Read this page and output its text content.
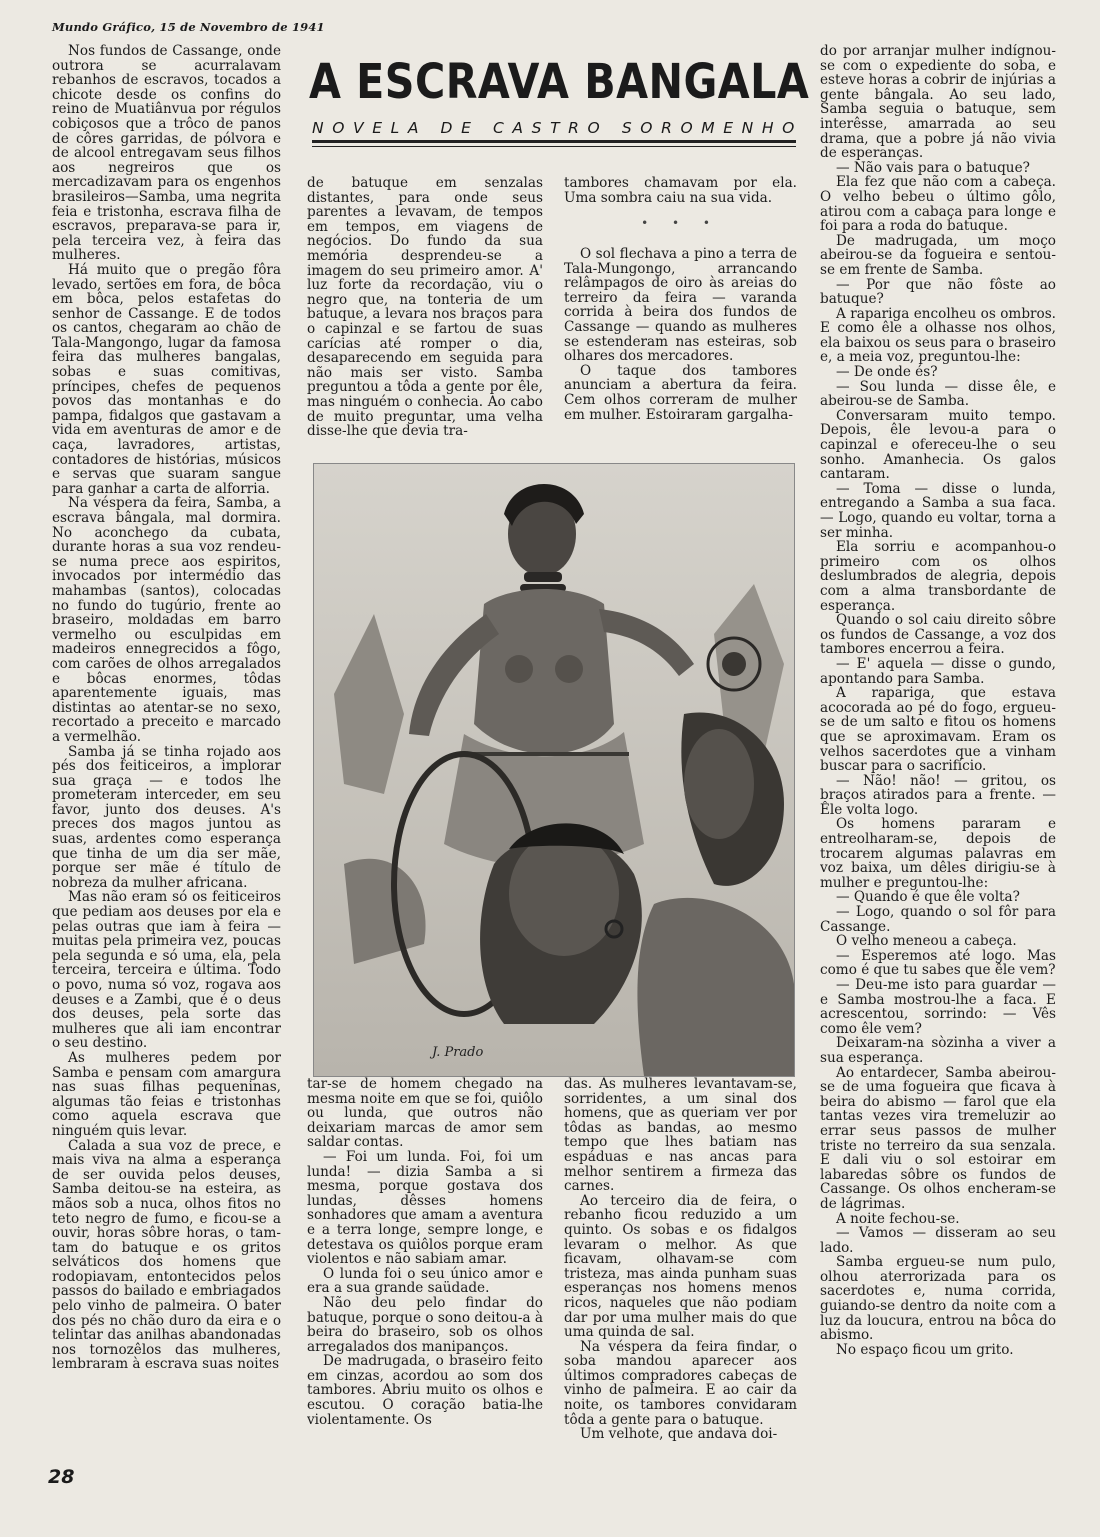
Mundo Gráfico, 15 de Novembro de 1941
A ESCRAVA BANGALA
NOVELA DE CASTRO SOROMENHO

Nos fundos de Cassange, onde outrora se acurralavam rebanhos de escravos, tocados a chicote desde os confins do reino de Muatiânvua por régulos cobiçosos que a trôco de panos de côres garridas, de pólvora e de alcool entregavam seus filhos aos negreiros que os mercadizavam para os engenhos brasileiros—Samba, uma negrita feia e tristonha, escrava filha de escravos, preparava-se para ir, pela terceira vez, à feira das mulheres.

Há muito que o pregão fôra levado, sertões em fora, de bôca em bôca, pelos estafetas do senhor de Cassange. E de todos os cantos, chegaram ao chão de Tala-Mangongo, lugar da famosa feira das mulheres bangalas, sobas e suas comitivas, príncipes, chefes de pequenos povos das montanhas e do pampa, fidalgos que gastavam a vida em aventuras de amor e de caça, lavradores, artistas, contadores de histórias, músicos e servas que suaram sangue para ganhar a carta de alforria.

Na véspera da feira, Samba, a escrava bângala, mal dormira. No aconchego da cubata, durante horas a sua voz rendeu-se numa prece aos espiritos, invocados por intermédio das mahambas (santos), colocadas no fundo do tugúrio, frente ao braseiro, moldadas em barro vermelho ou esculpidas em madeiros ennegrecidos a fôgo, com carões de olhos arregalados e bôcas enormes, tôdas aparentemente iguais, mas distintas ao atentar-se no sexo, recortado a preceito e marcado a vermelhão.

Samba já se tinha rojado aos pés dos feiticeiros, a implorar sua graça — e todos lhe prometeram interceder, em seu favor, junto dos deuses. A's preces dos magos juntou as suas, ardentes como esperança que tinha de um dia ser mãe, porque ser mãe é título de nobreza da mulher africana.

Mas não eram só os feiticeiros que pediam aos deuses por ela e pelas outras que iam à feira — muitas pela primeira vez, poucas pela segunda e só uma, ela, pela terceira, terceira e última. Todo o povo, numa só voz, rogava aos deuses e a Zambi, que é o deus dos deuses, pela sorte das mulheres que ali iam encontrar o seu destino.

As mulheres pedem por Samba e pensam com amargura nas suas filhas pequeninas, algumas tão feias e tristonhas como aquela escrava que ninguém quis levar.

Calada a sua voz de prece, e mais viva na alma a esperança de ser ouvida pelos deuses, Samba deitou-se na esteira, as mãos sob a nuca, olhos fitos no teto negro de fumo, e ficou-se a ouvir, horas sôbre horas, o tam-tam do batuque e os gritos selváticos dos homens que rodopiavam, entontecidos pelos passos do bailado e embriagados pelo vinho de palmeira. O bater dos pés no chão duro da eira e o telintar das anilhas abandonadas nos tornozêlos das mulheres, lembraram à escrava suas noites

de batuque em senzalas distantes, para onde seus parentes a levavam, de tempos em tempos, em viagens de negócios. Do fundo da sua memória desprendeu-se a imagem do seu primeiro amor. A' luz forte da recordação, viu o negro que, na tonteria de um batuque, a levara nos braços para o capinzal e se fartou de suas carícias até romper o dia, desaparecendo em seguida para não mais ser visto. Samba preguntou a tôda a gente por êle, mas ninguém o conhecia. Ao cabo de muito preguntar, uma velha disse-lhe que devia tra-

tambores chamavam por ela. Uma sombra caiu na sua vida.

• • •

O sol flechava a pino a terra de Tala-Mungongo, arrancando relâmpagos de oiro às areias do terreiro da feira — varanda corrida à beira dos fundos de Cassange — quando as mulheres se estenderam nas esteiras, sob olhares dos mercadores.

O taque dos tambores anunciam a abertura da feira. Cem olhos correram de mulher em mulher. Estoiraram gargalha-

do por arranjar mulher indígnou-se com o expediente do soba, e esteve horas a cobrir de injúrias a gente bângala. Ao seu lado, Samba seguia o batuque, sem interêsse, amarrada ao seu drama, que a pobre já não vivia de esperanças.

— Não vais para o batuque?

Ela fez que não com a cabeça. O velho bebeu o último gôlo, atirou com a cabaça para longe e foi para a roda do batuque.

De madrugada, um moço abeirou-se da fogueira e sentou-se em frente de Samba.

— Por que não fôste ao batuque?

A rapariga encolheu os ombros. E como êle a olhasse nos olhos, ela baixou os seus para o braseiro e, a meia voz, preguntou-lhe:

— De onde és?

— Sou lunda — disse êle, e abeirou-se de Samba.

Conversaram muito tempo. Depois, êle levou-a para o capinzal e ofereceu-lhe o seu sonho. Amanhecia. Os galos cantaram.

— Toma — disse o lunda, entregando a Samba a sua faca. — Logo, quando eu voltar, torna a ser minha.

Ela sorriu e acompanhou-o primeiro com os olhos deslumbrados de alegria, depois com a alma transbordante de esperança.

Quando o sol caiu direito sôbre os fundos de Cassange, a voz dos tambores encerrou a feira.

— E' aquela — disse o gundo, apontando para Samba.

A rapariga, que estava acocorada ao pé do fogo, ergueu-se de um salto e fitou os homens que se aproximavam. Eram os velhos sacerdotes que a vinham buscar para o sacrifício.

— Não! não! — gritou, os braços atirados para a frente. — Êle volta logo.

Os homens pararam e entreolharam-se, depois de trocarem algumas palavras em voz baixa, um dêles dirigiu-se à mulher e preguntou-lhe:

— Quando é que êle volta?

— Logo, quando o sol fôr para Cassange.

O velho meneou a cabeça.

— Esperemos até logo. Mas como é que tu sabes que êle vem?

— Deu-me isto para guardar — e Samba mostrou-lhe a faca. E acrescentou, sorrindo: — Vês como êle vem?

Deixaram-na sòzinha a viver a sua esperança.

Ao entardecer, Samba abeirou-se de uma fogueira que ficava à beira do abismo — farol que ela tantas vezes vira tremeluzir ao errar seus passos de mulher triste no terreiro da sua senzala. E dali viu o sol estoirar em labaredas sôbre os fundos de Cassange. Os olhos encheram-se de lágrimas.

A noite fechou-se.

— Vamos — disseram ao seu lado.

Samba ergueu-se num pulo, olhou aterrorizada para os sacerdotes e, numa corrida, guiando-se dentro da noite com a luz da loucura, entrou na bôca do abismo.

No espaço ficou um grito.

tar-se de homem chegado na mesma noite em que se foi, quiôlo ou lunda, que outros não deixariam marcas de amor sem saldar contas.

— Foi um lunda. Foi, foi um lunda! — dizia Samba a si mesma, porque gostava dos lundas, dêsses homens sonhadores que amam a aventura e a terra longe, sempre longe, e detestava os quiôlos porque eram violentos e não sabiam amar.

O lunda foi o seu único amor e era a sua grande saüdade.

Não deu pelo findar do batuque, porque o sono deitou-a à beira do braseiro, sob os olhos arregalados dos manipanços.

De madrugada, o braseiro feito em cinzas, acordou ao som dos tambores. Abriu muito os olhos e escutou. O coração batia-lhe violentamente. Os

das. As mulheres levantavam-se, sorridentes, a um sinal dos homens, que as queriam ver por tôdas as bandas, ao mesmo tempo que lhes batiam nas espáduas e nas ancas para melhor sentirem a firmeza das carnes.

Ao terceiro dia de feira, o rebanho ficou reduzido a um quinto. Os sobas e os fidalgos levaram o melhor. As que ficavam, olhavam-se com tristeza, mas ainda punham suas esperanças nos homens menos ricos, naqueles que não podiam dar por uma mulher mais do que uma quinda de sal.

Na véspera da feira findar, o soba mandou aparecer aos últimos compradores cabeças de vinho de palmeira. E ao cair da noite, os tambores convidaram tôda a gente para o batuque.

Um velhote, que andava doi-

J. Prado
28
